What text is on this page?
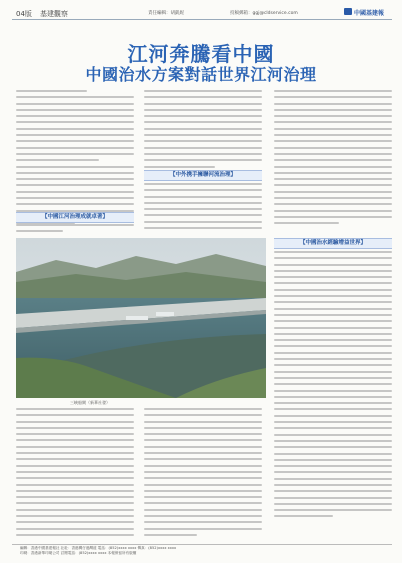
04版 基建觀察	責任編輯：胡凱妮	投稿郵箱：ggj@cldservice.com	中國基建報
江河奔騰看中國
中國治水方案對話世界江河治理
【中國江河治理成就卓著】
【中外携手擁聯河流治理】
【中國治水經驗增益世界】
三峽船閘（新華社發）
編輯：香港中國基建報社 社址：香港灣仔港灣道 電話：(852)xxxx xxxx 傳真：(852)xxxx xxxx
印刷：香港新華印刷公司 訂閱電話：(852)xxxx xxxx 本報保留所有版權
